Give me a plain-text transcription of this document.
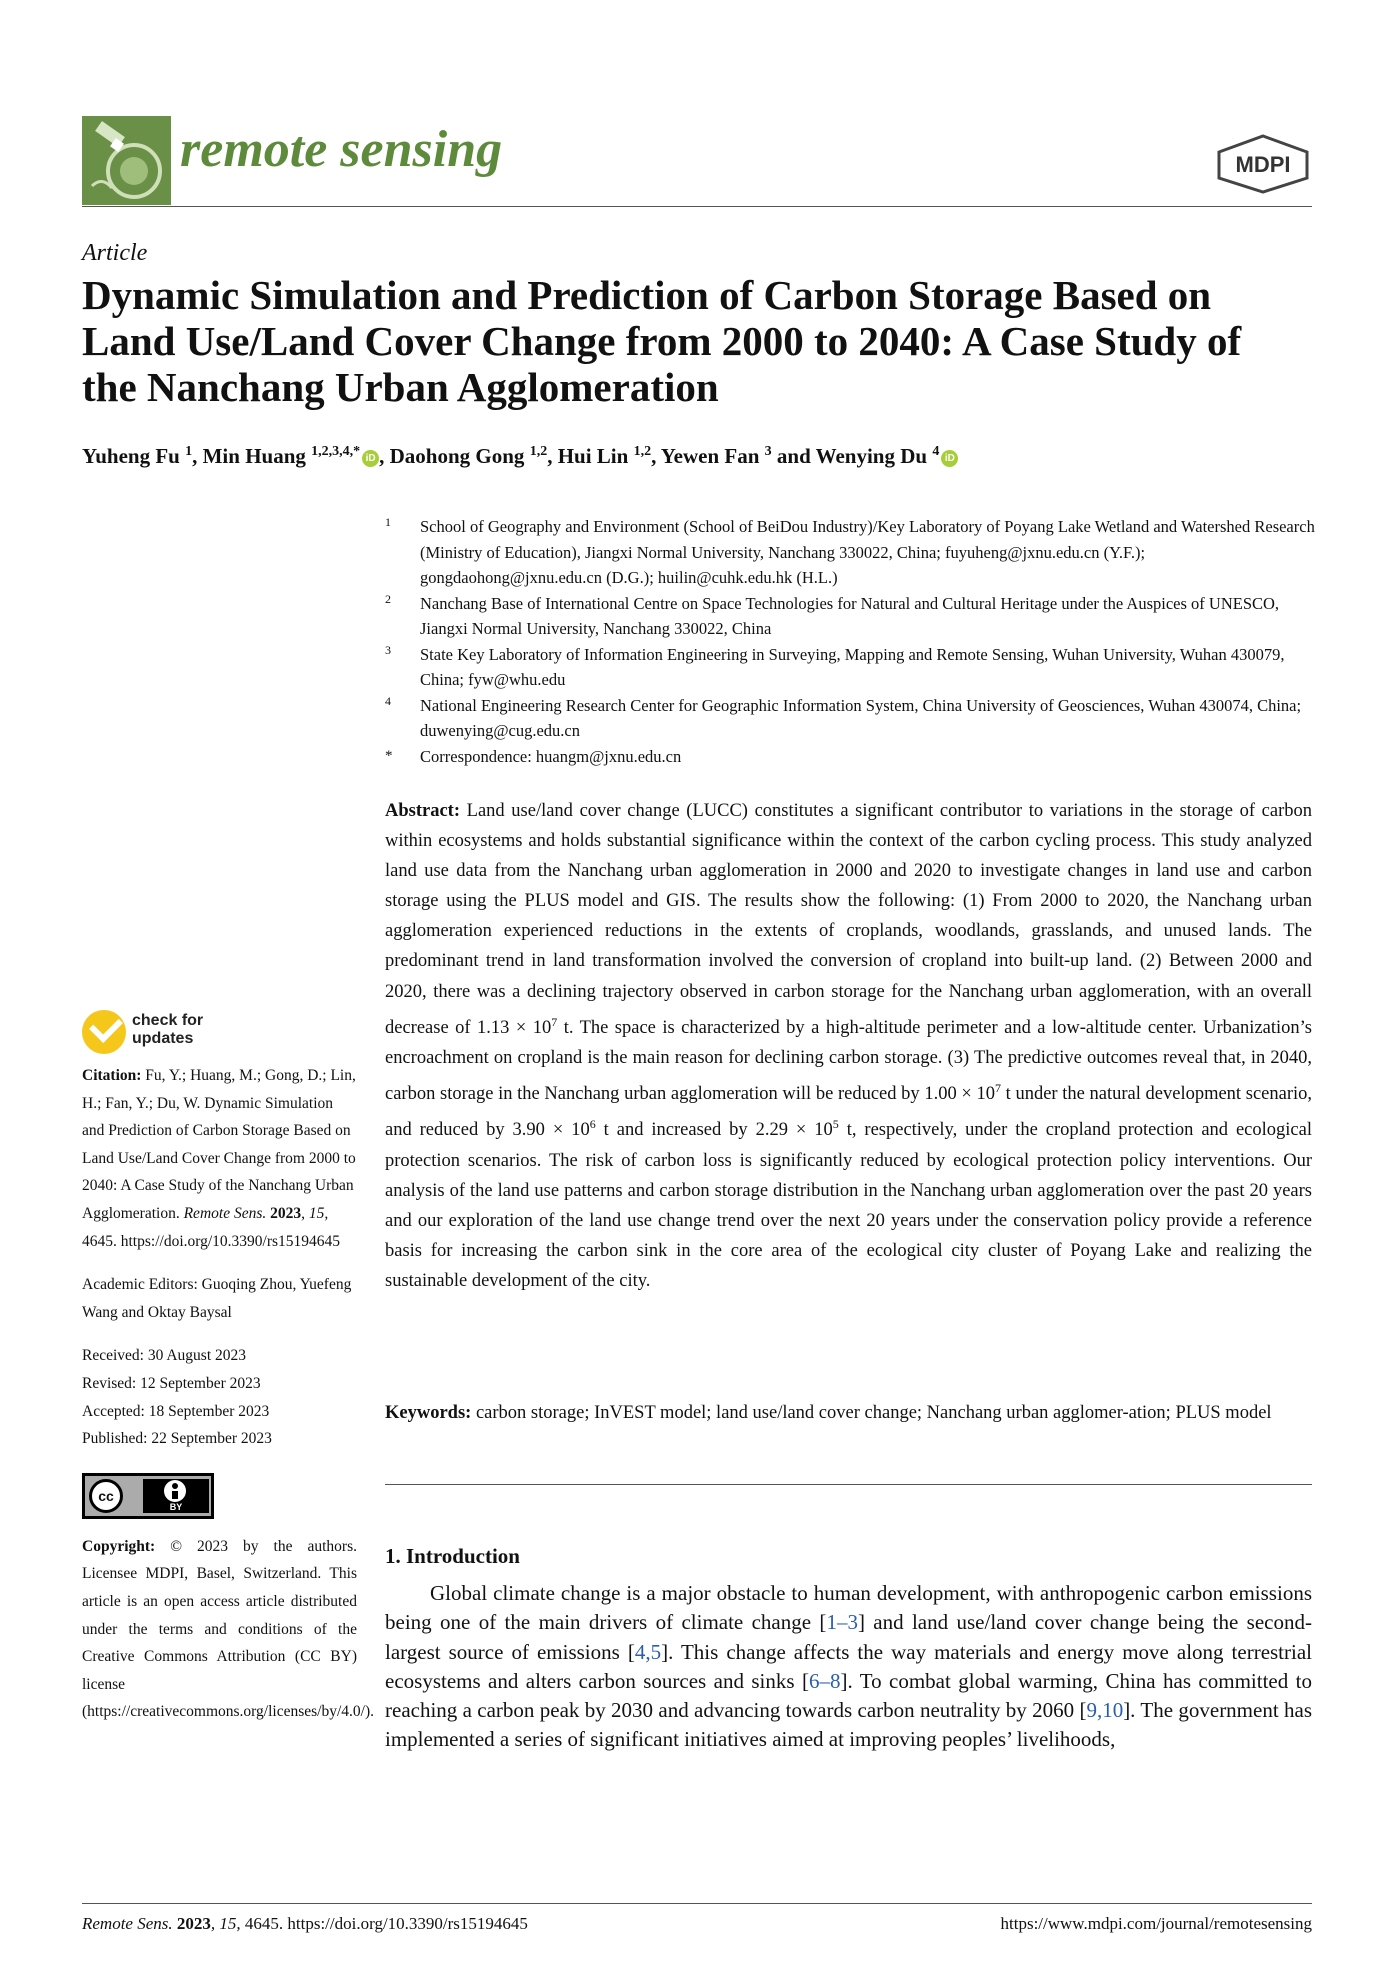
remote sensing	MDPI
Article
Dynamic Simulation and Prediction of Carbon Storage Based on Land Use/Land Cover Change from 2000 to 2040: A Case Study of the Nanchang Urban Agglomeration
Yuheng Fu $^1$, Min Huang $^{1,2,3,4,*}$ iD , Daohong Gong $^{1,2}$, Hui Lin $^{1,2}$, Yewen Fan $^3$ and Wenying Du $^4$ iD
1 School of Geography and Environment (School of BeiDou Industry)/Key Laboratory of Poyang Lake Wetland and Watershed Research (Ministry of Education), Jiangxi Normal University, Nanchang 330022, China; fuyuheng@jxnu.edu.cn (Y.F.); gongdaohong@jxnu.edu.cn (D.G.); huilin@cuhk.edu.hk (H.L.)
2 Nanchang Base of International Centre on Space Technologies for Natural and Cultural Heritage under the Auspices of UNESCO, Jiangxi Normal University, Nanchang 330022, China
3 State Key Laboratory of Information Engineering in Surveying, Mapping and Remote Sensing, Wuhan University, Wuhan 430079, China; fyw@whu.edu
4 National Engineering Research Center for Geographic Information System, China University of Geosciences, Wuhan 430074, China; duwenying@cug.edu.cn
* Correspondence: huangm@jxnu.edu.cn
Abstract: Land use/land cover change (LUCC) constitutes a significant contributor to variations in the storage of carbon within ecosystems and holds substantial significance within the context of the carbon cycling process. This study analyzed land use data from the Nanchang urban agglomeration in 2000 and 2020 to investigate changes in land use and carbon storage using the PLUS model and GIS. The results show the following: (1) From 2000 to 2020, the Nanchang urban agglomeration experienced reductions in the extents of croplands, woodlands, grasslands, and unused lands. The predominant trend in land transformation involved the conversion of cropland into built-up land. (2) Between 2000 and 2020, there was a declining trajectory observed in carbon storage for the Nanchang urban agglomeration, with an overall decrease of $1.13 \times 10^7$ t. The space is characterized by a high-altitude perimeter and a low-altitude center. Urbanization’s encroachment on cropland is the main reason for declining carbon storage. (3) The predictive outcomes reveal that, in 2040, carbon storage in the Nanchang urban agglomeration will be reduced by $1.00 \times 10^7$ t under the natural development scenario, and reduced by $3.90 \times 10^6$ t and increased by $2.29 \times 10^5$ t, respectively, under the cropland protection and ecological protection scenarios. The risk of carbon loss is significantly reduced by ecological protection policy interventions. Our analysis of the land use patterns and carbon storage distribution in the Nanchang urban agglomeration over the past 20 years and our exploration of the land use change trend over the next 20 years under the conservation policy provide a reference basis for increasing the carbon sink in the core area of the ecological city cluster of Poyang Lake and realizing the sustainable development of the city.
Keywords: carbon storage; InVEST model; land use/land cover change; Nanchang urban agglomer-ation; PLUS model
1. Introduction
Global climate change is a major obstacle to human development, with anthropogenic carbon emissions being one of the main drivers of climate change [1–3] and land use/land cover change being the second-largest source of emissions [4,5]. This change affects the way materials and energy move along terrestrial ecosystems and alters carbon sources and sinks [6–8]. To combat global warming, China has committed to reaching a carbon peak by 2030 and advancing towards carbon neutrality by 2060 [9,10]. The government has implemented a series of significant initiatives aimed at improving peoples’ livelihoods,
check for
updates
Citation: Fu, Y.; Huang, M.; Gong, D.; Lin, H.; Fan, Y.; Du, W. Dynamic Simulation and Prediction of Carbon Storage Based on Land Use/Land Cover Change from 2000 to 2040: A Case Study of the Nanchang Urban Agglomeration. Remote Sens. 2023, 15, 4645. https://doi.org/10.3390/rs15194645
Academic Editors: Guoqing Zhou, Yuefeng Wang and Oktay Baysal
Received: 30 August 2023
Revised: 12 September 2023
Accepted: 18 September 2023
Published: 22 September 2023
cc
BY
Copyright: © 2023 by the authors. Licensee MDPI, Basel, Switzerland. This article is an open access article distributed under the terms and conditions of the Creative Commons Attribution (CC BY) license (https://creativecommons.org/licenses/by/4.0/).
Remote Sens. 2023, 15, 4645. https://doi.org/10.3390/rs15194645	https://www.mdpi.com/journal/remotesensing
